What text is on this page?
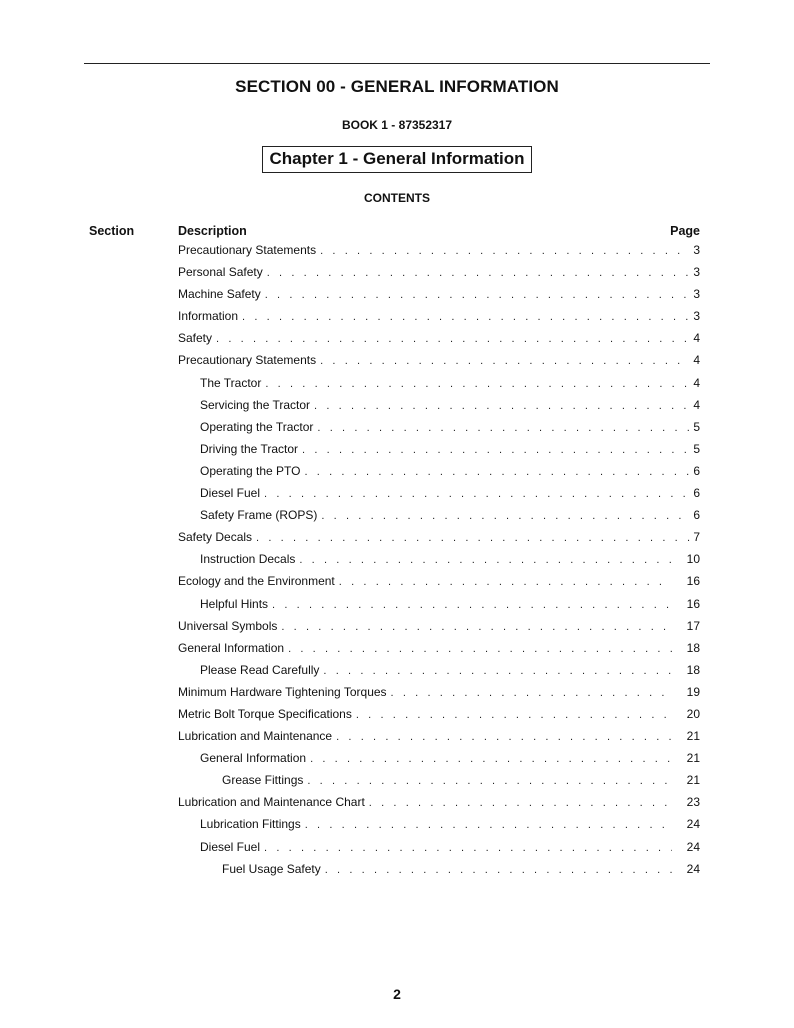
SECTION 00 - GENERAL INFORMATION
BOOK 1 - 87352317
Chapter 1 - General Information
CONTENTS
Section	Description	Page
Precautionary Statements . . .	3
Personal Safety . . .	3
Machine Safety . . .	3
Information . . .	3
Safety . . .	4
Precautionary Statements . . .	4
The Tractor . . .	4
Servicing the Tractor . . .	4
Operating the Tractor . . .	5
Driving the Tractor . . .	5
Operating the PTO . . .	6
Diesel Fuel . . .	6
Safety Frame (ROPS) . . .	6
Safety Decals . . .	7
Instruction Decals . . .	10
Ecology and the Environment . . .	16
Helpful Hints . . .	16
Universal Symbols . . .	17
General Information . . .	18
Please Read Carefully . . .	18
Minimum Hardware Tightening Torques . . .	19
Metric Bolt Torque Specifications . . .	20
Lubrication and Maintenance . . .	21
General Information . . .	21
Grease Fittings . . .	21
Lubrication and Maintenance Chart . . .	23
Lubrication Fittings . . .	24
Diesel Fuel . . .	24
Fuel Usage Safety . . .	24
2
